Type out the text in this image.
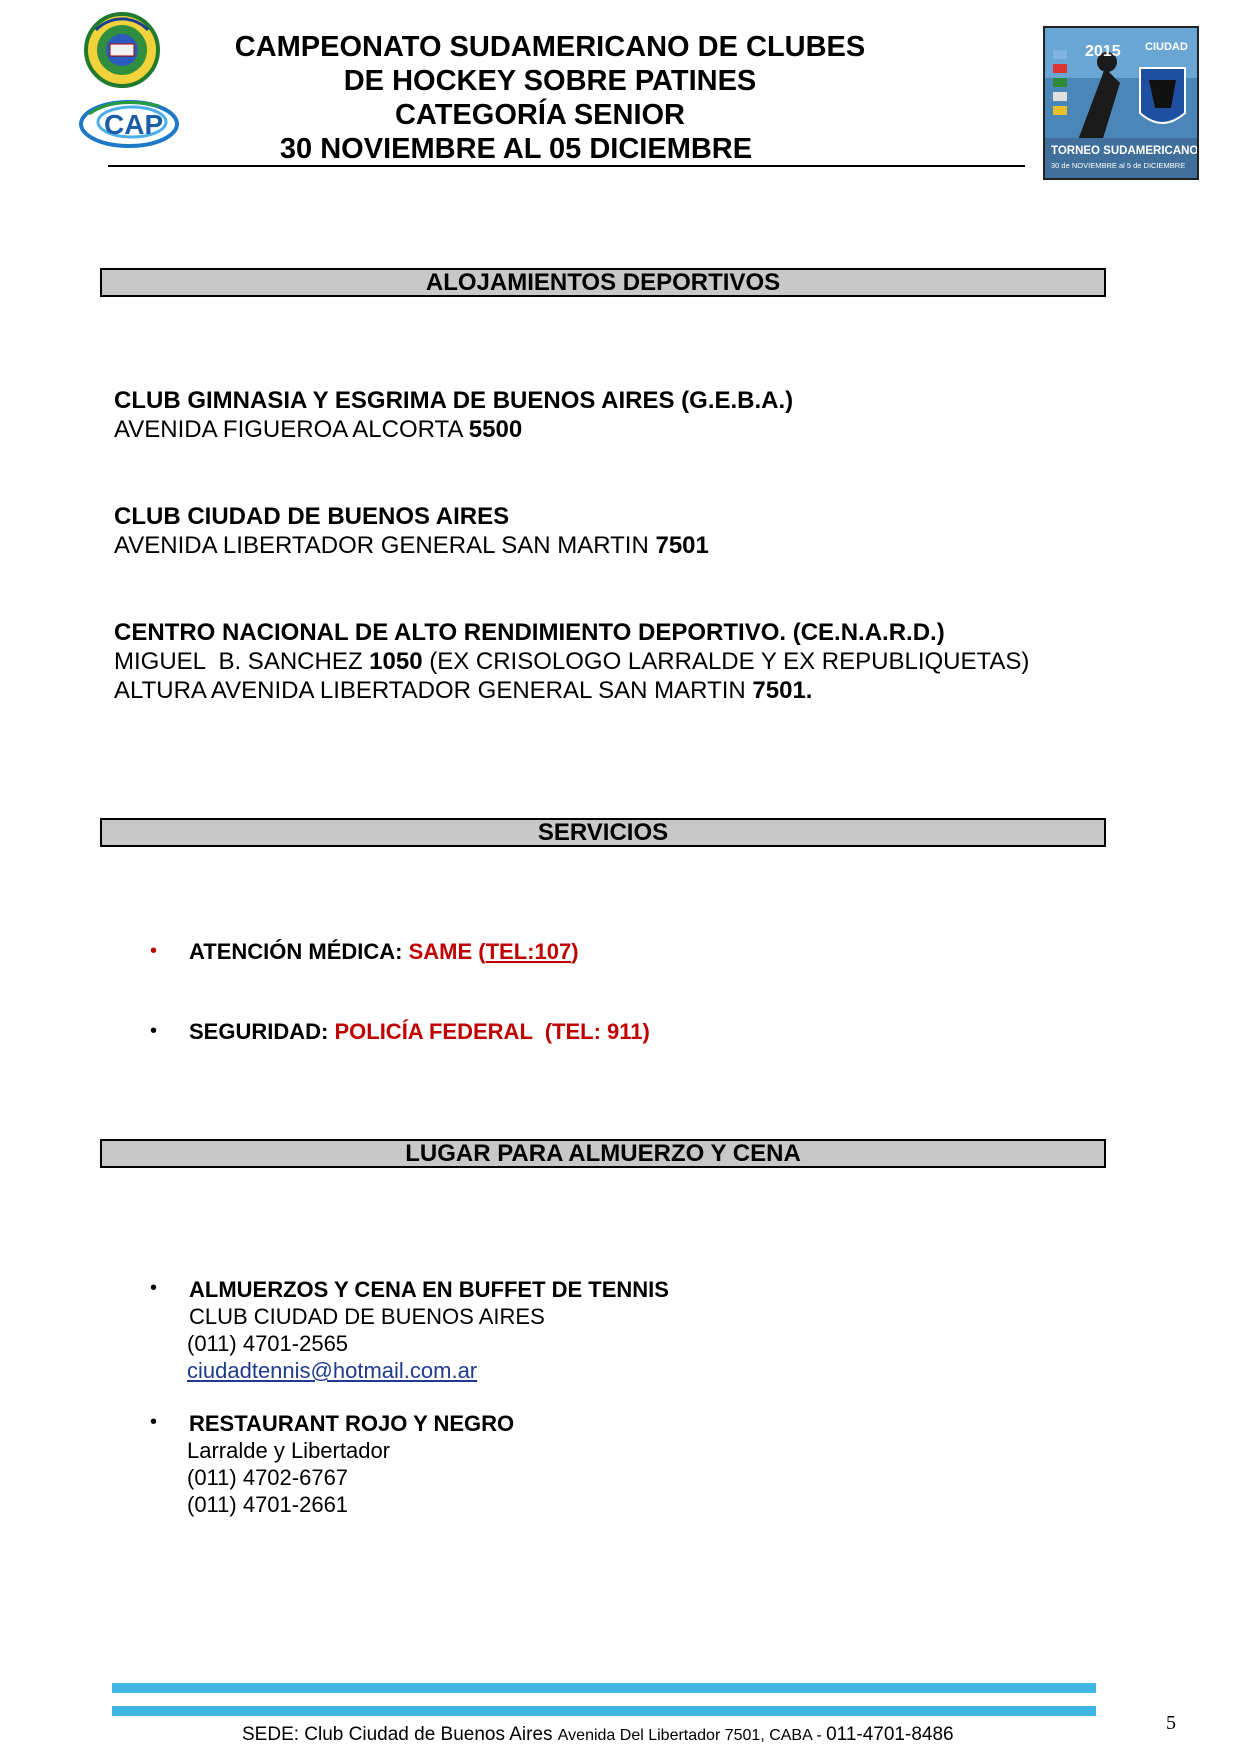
CAP
2015 CIUDAD
TORNEO SUDAMERICANO
30 de NOVIEMBRE al 5 de DICIEMBRE
CAMPEONATO SUDAMERICANO DE CLUBES
DE HOCKEY SOBRE PATINES
CATEGORÍA SENIOR
30 NOVIEMBRE AL 05 DICIEMBRE
ALOJAMIENTOS DEPORTIVOS
CLUB GIMNASIA Y ESGRIMA DE BUENOS AIRES (G.E.B.A.)
AVENIDA FIGUEROA ALCORTA 5500
CLUB CIUDAD DE BUENOS AIRES
AVENIDA LIBERTADOR GENERAL SAN MARTIN 7501
CENTRO NACIONAL DE ALTO RENDIMIENTO DEPORTIVO. (CE.N.A.R.D.)
MIGUEL  B. SANCHEZ 1050 (EX CRISOLOGO LARRALDE Y EX REPUBLIQUETAS)
ALTURA AVENIDA LIBERTADOR GENERAL SAN MARTIN 7501.
SERVICIOS
• ATENCIÓN MÉDICA: SAME (TEL:107)
• SEGURIDAD: POLICÍA FEDERAL  (TEL: 911)
LUGAR PARA ALMUERZO Y CENA
• ALMUERZOS Y CENA EN BUFFET DE TENNIS
CLUB CIUDAD DE BUENOS AIRES
(011) 4701-2565
ciudadtennis@hotmail.com.ar
• RESTAURANT ROJO Y NEGRO
Larralde y Libertador
(011) 4702-6767
(011) 4701-2661
SEDE: Club Ciudad de Buenos Aires Avenida Del Libertador 7501, CABA - 011-4701-8486
5
